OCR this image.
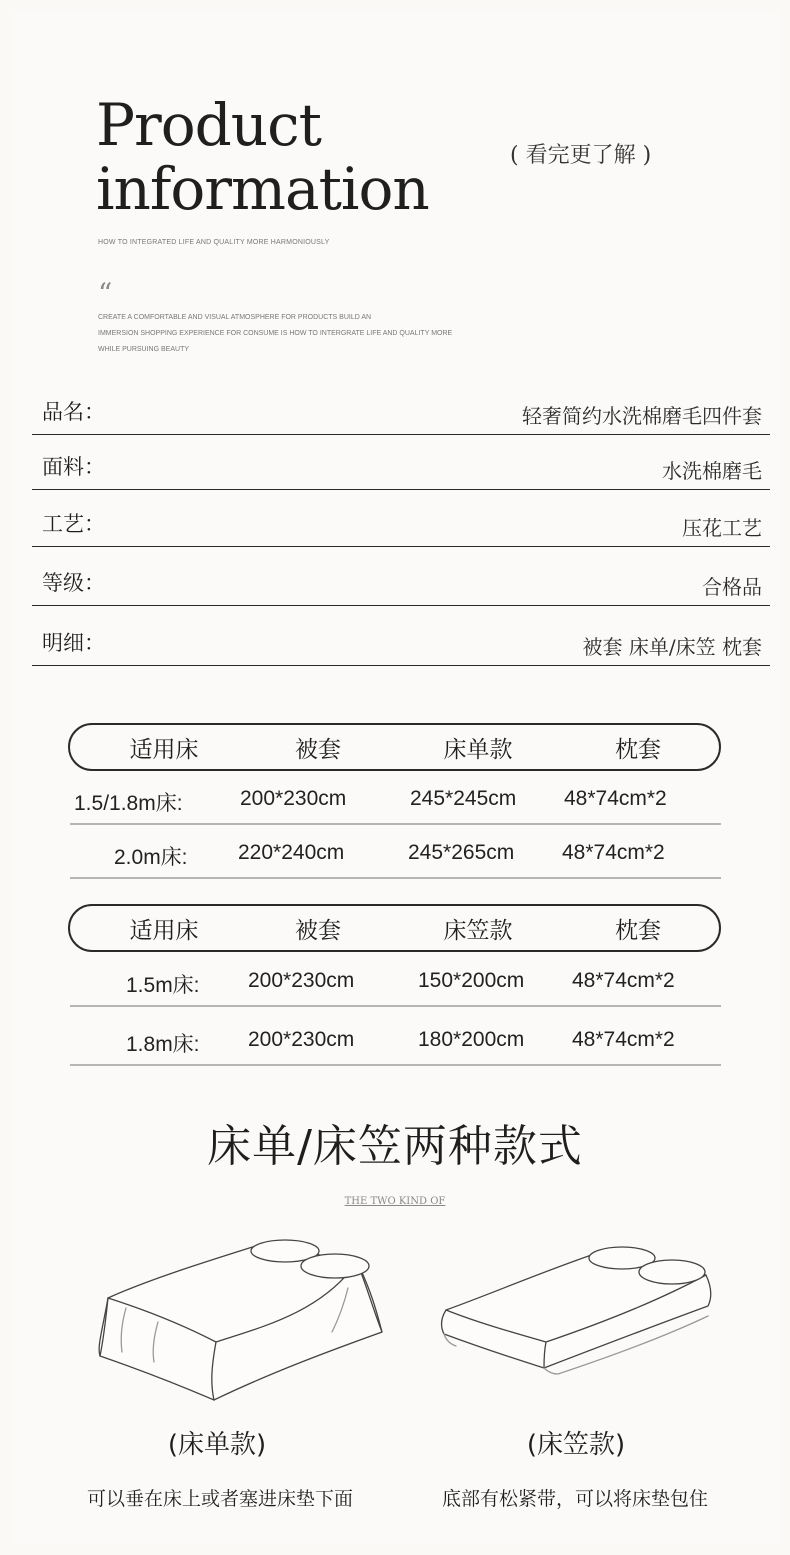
Product
information	( 看完更了解 )
HOW TO INTEGRATED LIFE AND QUALITY MORE HARMONIOUSLY
“
CREATE A COMFORTABLE AND VISUAL ATMOSPHERE FOR PRODUCTS BUILD AN
IMMERSION SHOPPING EXPERIENCE FOR CONSUME IS HOW TO INTERGRATE LIFE AND QUALITY MORE
WHILE PURSUING BEAUTY
品名：	轻奢简约水洗棉磨毛四件套
面料：	水洗棉磨毛
工艺：	压花工艺
等级：	合格品
明细：	被套 床单/床笠 枕套
适用床	被套	床单款	枕套
1.5/1.8m床:	200*230cm	245*245cm 48*74cm*2
2.0m床: 220*240cm	245*265cm 48*74cm*2
适用床	被套	床笠款	枕套
1.5m床: 200*230cm	150*200cm 48*74cm*2
1.8m床: 200*230cm	180*200cm 48*74cm*2
床单/床笠两种款式
THE TWO KIND OF
(床单款)	(床笠款)
可以垂在床上或者塞进床垫下面	底部有松紧带，可以将床垫包住
